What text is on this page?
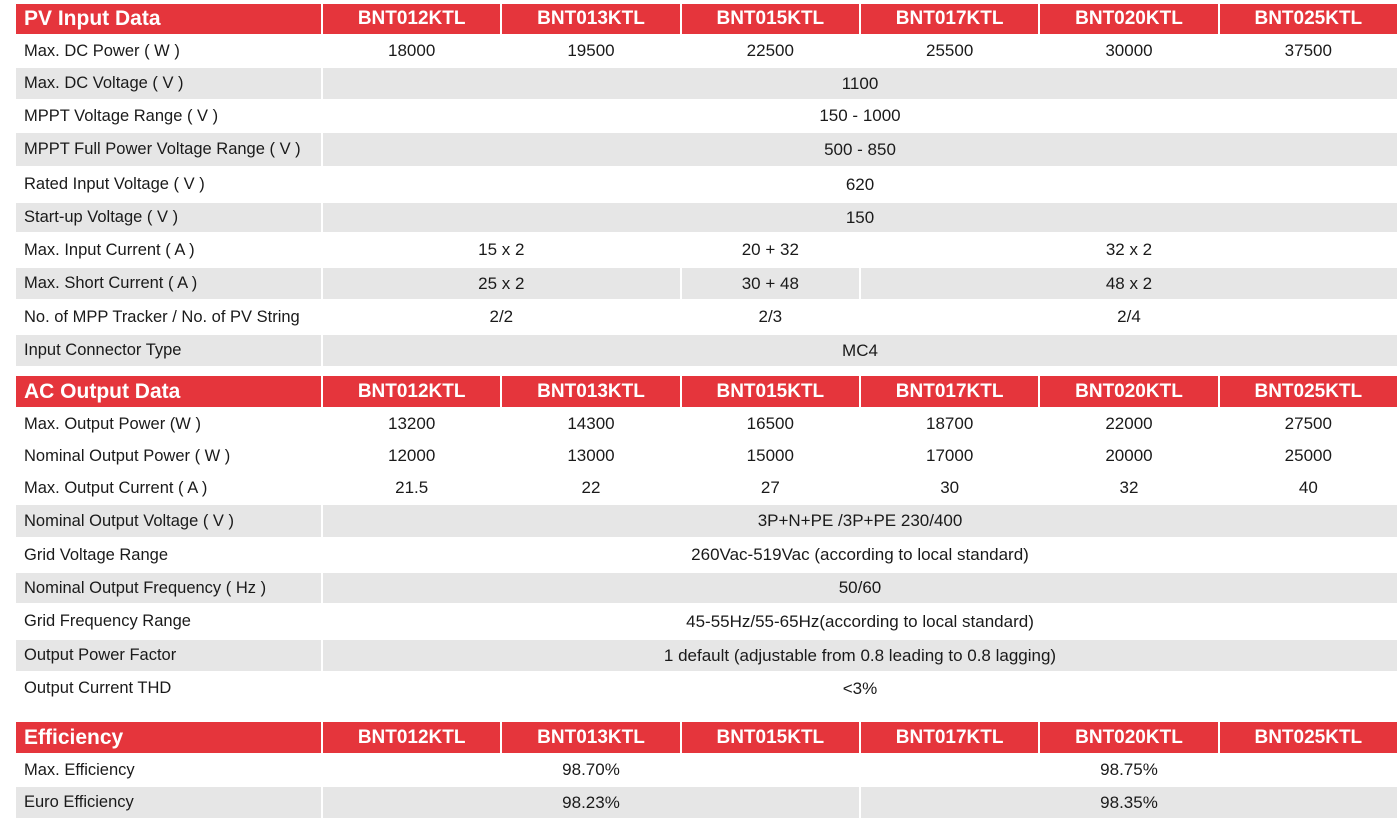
PV Input Data	BNT012KTL	BNT013KTL	BNT015KTL	BNT017KTL	BNT020KTL	BNT025KTL
Max. DC Power ( W )	18000	19500	22500	25500	30000	37500
Max. DC Voltage ( V )	1100					
MPPT Voltage Range ( V )	150 - 1000					
MPPT Full Power Voltage Range ( V )	500 - 850					
Rated Input Voltage ( V )	620					
Start-up Voltage ( V )	150					
Max. Input Current ( A )	15 x 2		20 + 32	32 x 2		
Max. Short Current ( A )	25 x 2		30 + 48	48 x 2		
No. of MPP Tracker / No. of PV String	2/2		2/3	2/4		
Input Connector Type	MC4					
AC Output Data	BNT012KTL	BNT013KTL	BNT015KTL	BNT017KTL	BNT020KTL	BNT025KTL
Max. Output Power (W )	13200	14300	16500	18700	22000	27500
Nominal Output Power ( W )	12000	13000	15000	17000	20000	25000
Max. Output Current ( A )	21.5	22	27	30	32	40
Nominal Output Voltage ( V )	3P+N+PE /3P+PE 230/400					
Grid Voltage Range	260Vac-519Vac (according to local standard)					
Nominal Output Frequency ( Hz )	50/60					
Grid Frequency Range	45-55Hz/55-65Hz(according to local standard)					
Output Power Factor	1 default (adjustable from 0.8 leading to 0.8 lagging)					
Output Current THD	<3%					
Efficiency	BNT012KTL	BNT013KTL	BNT015KTL	BNT017KTL	BNT020KTL	BNT025KTL
Max. Efficiency	98.70%			98.75%		
Euro Efficiency	98.23%			98.35%		
